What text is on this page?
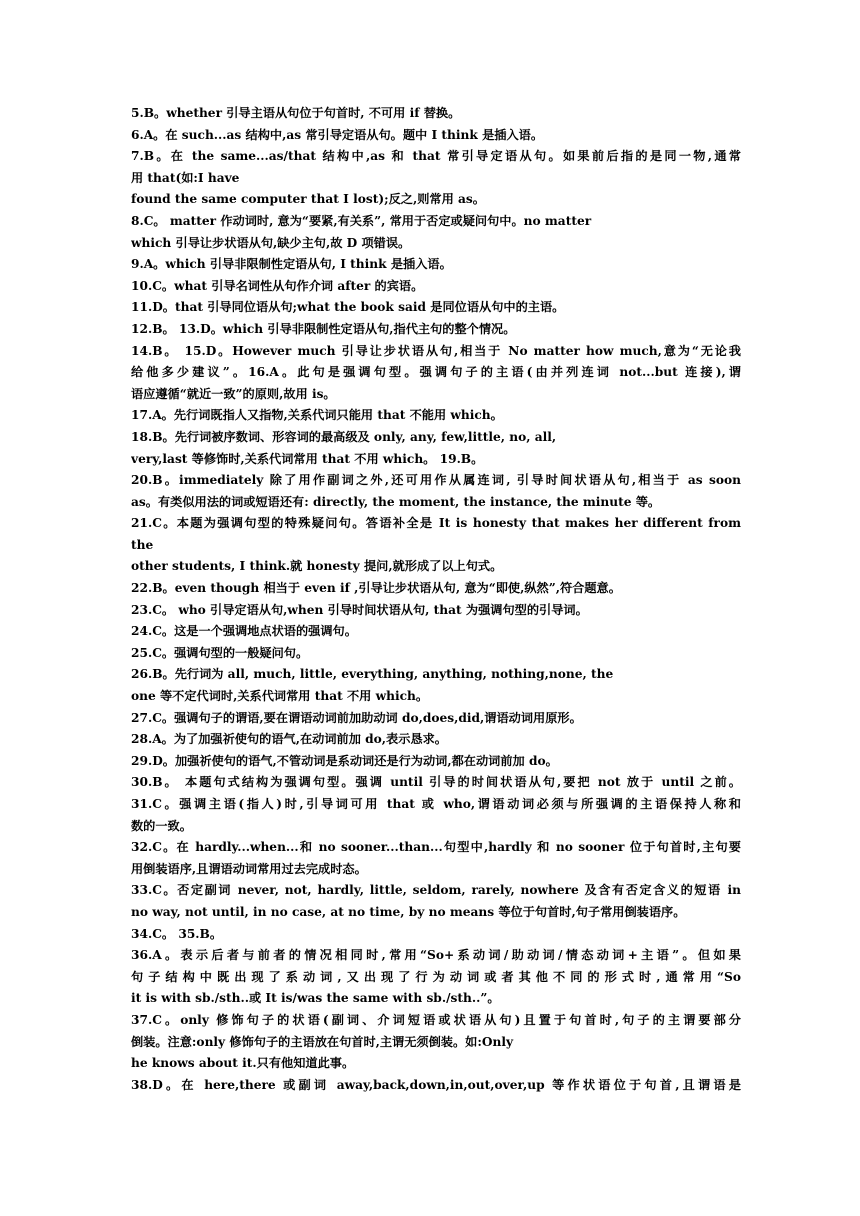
5.B。whether 引导主语从句位于句首时, 不可用 if 替换。
6.A。在 such...as 结构中,as 常引导定语从句。题中 I think 是插入语。
7.B。在 the same...as/that 结构中,as 和 that 常引导定语从句。如果前后指的是同一物,通常
用 that(如:I have
found the same computer that I lost);反之,则常用 as。
8.C。 matter 作动词时, 意为“要紧,有关系”, 常用于否定或疑问句中。no matter
which 引导让步状语从句,缺少主句,故 D 项错误。
9.A。which 引导非限制性定语从句, I think 是插入语。
10.C。what 引导名词性从句作介词 after 的宾语。
11.D。that 引导同位语从句;what the book said 是同位语从句中的主语。
12.B。 13.D。which 引导非限制性定语从句,指代主句的整个情况。
14.B。 15.D。However much 引导让步状语从句,相当于 No matter how much,意为“无论我
给他多少建议”。16.A。此句是强调句型。强调句子的主语(由并列连词 not...but 连接),谓
语应遵循“就近一致”的原则,故用 is。
17.A。先行词既指人又指物,关系代词只能用 that 不能用 which。
18.B。先行词被序数词、形容词的最高级及 only, any, few,little, no, all,
very,last 等修饰时,关系代词常用 that 不用 which。 19.B。
20.B。immediately 除了用作副词之外,还可用作从属连词, 引导时间状语从句,相当于 as soon
as。有类似用法的词或短语还有: directly, the moment, the instance, the minute 等。
21.C。本题为强调句型的特殊疑问句。答语补全是 It is honesty that makes her different from
the
other students, I think.就 honesty 提问,就形成了以上句式。
22.B。even though 相当于 even if ,引导让步状语从句, 意为“即使,纵然”,符合题意。
23.C。 who 引导定语从句,when 引导时间状语从句, that 为强调句型的引导词。
24.C。这是一个强调地点状语的强调句。
25.C。强调句型的一般疑问句。
26.B。先行词为 all, much, little, everything, anything, nothing,none, the
one 等不定代词时,关系代词常用 that 不用 which。
27.C。强调句子的谓语,要在谓语动词前加助动词 do,does,did,谓语动词用原形。
28.A。为了加强祈使句的语气,在动词前加 do,表示恳求。
29.D。加强祈使句的语气,不管动词是系动词还是行为动词,都在动词前加 do。
30.B。 本题句式结构为强调句型。强调 until 引导的时间状语从句,要把 not 放于 until 之前。
31.C。强调主语(指人)时,引导词可用 that 或 who,谓语动词必须与所强调的主语保持人称和
数的一致。
32.C。在 hardly...when...和 no sooner...than...句型中,hardly 和 no sooner 位于句首时,主句要
用倒装语序,且谓语动词常用过去完成时态。
33.C。否定副词 never, not, hardly, little, seldom, rarely, nowhere 及含有否定含义的短语 in
no way, not until, in no case, at no time, by no means 等位于句首时,句子常用倒装语序。
34.C。 35.B。
36.A。表示后者与前者的情况相同时,常用“So+系动词/助动词/情态动词+主语”。但如果
句子结构中既出现了系动词,又出现了行为动词或者其他不同的形式时,通常用“So
it is with sb./sth..或 It is/was the same with sb./sth..”。
37.C。only 修饰句子的状语(副词、介词短语或状语从句)且置于句首时,句子的主谓要部分
倒装。注意:only 修饰句子的主语放在句首时,主谓无须倒装。如:Only
he knows about it.只有他知道此事。
38.D。在 here,there 或副词 away,back,down,in,out,over,up 等作状语位于句首,且谓语是
